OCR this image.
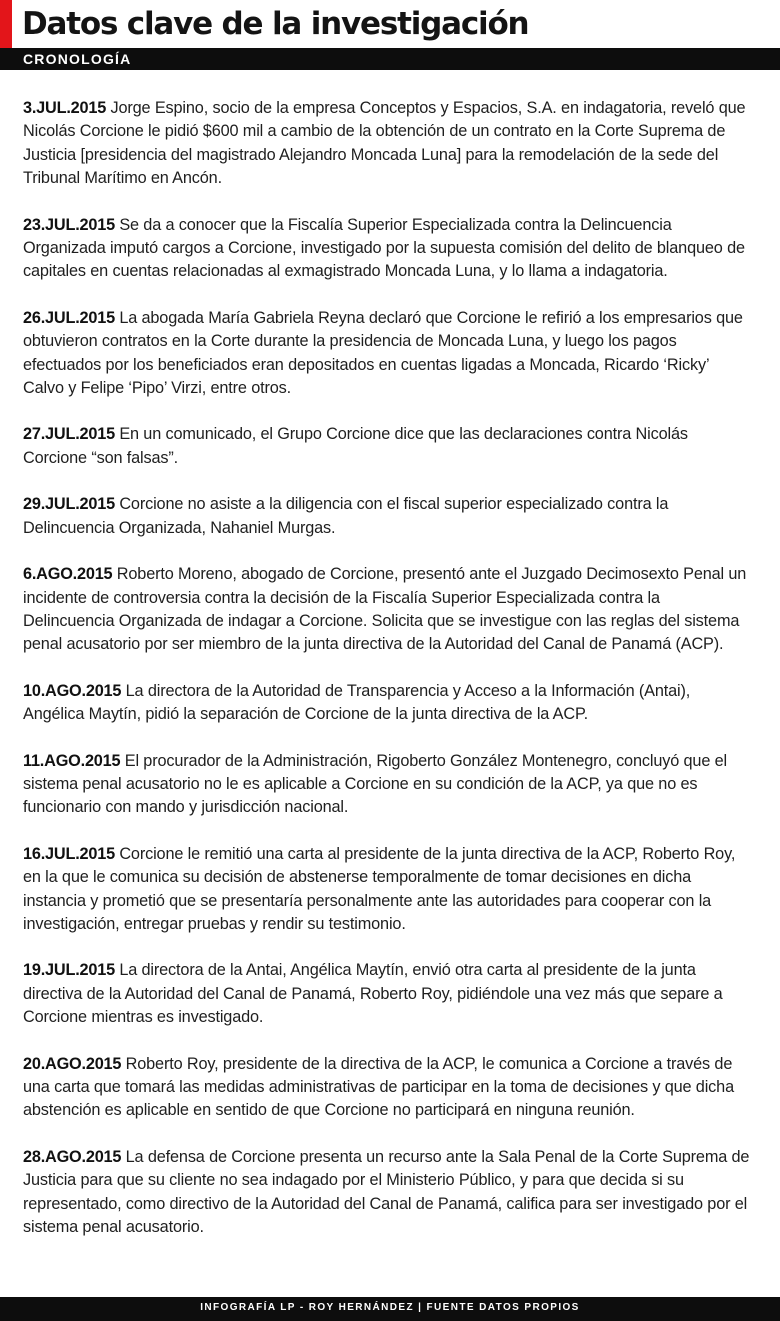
Datos clave de la investigación
CRONOLOGÍA

3.JUL.2015 Jorge Espino, socio de la empresa Conceptos y Espacios, S.A. en indagatoria, reveló que Nicolás Corcione le pidió $600 mil a cambio de la obtención de un contrato en la Corte Suprema de Justicia [presidencia del magistrado Alejandro Moncada Luna] para la remodelación de la sede del Tribunal Marítimo en Ancón.

23.JUL.2015 Se da a conocer que la Fiscalía Superior Especializada contra la Delincuencia Organizada imputó cargos a Corcione, investigado por la supuesta comisión del delito de blanqueo de capitales en cuentas relacionadas al exmagistrado Moncada Luna, y lo llama a indagatoria.

26.JUL.2015 La abogada María Gabriela Reyna declaró que Corcione le refirió a los empresarios que obtuvieron contratos en la Corte durante la presidencia de Moncada Luna, y luego los pagos efectuados por los beneficiados eran depositados en cuentas ligadas a Moncada, Ricardo ‘Ricky’ Calvo y Felipe ‘Pipo’ Virzi, entre otros.

27.JUL.2015 En un comunicado, el Grupo Corcione dice que las declaraciones contra Nicolás Corcione “son falsas”.

29.JUL.2015 Corcione no asiste a la diligencia con el fiscal superior especializado contra la Delincuencia Organizada, Nahaniel Murgas.

6.AGO.2015 Roberto Moreno, abogado de Corcione, presentó ante el Juzgado Decimosexto Penal un incidente de controversia contra la decisión de la Fiscalía Superior Especializada contra la Delincuencia Organizada de indagar a Corcione. Solicita que se investigue con las reglas del sistema penal acusatorio por ser miembro de la junta directiva de la Autoridad del Canal de Panamá (ACP).

10.AGO.2015 La directora de la Autoridad de Transparencia y Acceso a la Información (Antai), Angélica Maytín, pidió la separación de Corcione de la junta directiva de la ACP.

11.AGO.2015 El procurador de la Administración, Rigoberto González Montenegro, concluyó que el sistema penal acusatorio no le es aplicable a Corcione en su condición de la ACP, ya que no es funcionario con mando y jurisdicción nacional.

16.JUL.2015 Corcione le remitió una carta al presidente de la junta directiva de la ACP, Roberto Roy, en la que le comunica su decisión de abstenerse temporalmente de tomar decisiones en dicha instancia y prometió que se presentaría personalmente ante las autoridades para cooperar con la investigación, entregar pruebas y rendir su testimonio.

19.JUL.2015 La directora de la Antai, Angélica Maytín, envió otra carta al presidente de la junta directiva de la Autoridad del Canal de Panamá, Roberto Roy, pidiéndole una vez más que separe a Corcione mientras es investigado.

20.AGO.2015 Roberto Roy, presidente de la directiva de la ACP, le comunica a Corcione a través de una carta que tomará las medidas administrativas de participar en la toma de decisiones y que dicha abstención es aplicable en sentido de que Corcione no participará en ninguna reunión.

28.AGO.2015 La defensa de Corcione presenta un recurso ante la Sala Penal de la Corte Suprema de Justicia para que su cliente no sea indagado por el Ministerio Público, y para que decida si su representado, como directivo de la Autoridad del Canal de Panamá, califica para ser investigado por el sistema penal acusatorio.

INFOGRAFÍA LP - ROY HERNÁNDEZ | FUENTE DATOS PROPIOS
